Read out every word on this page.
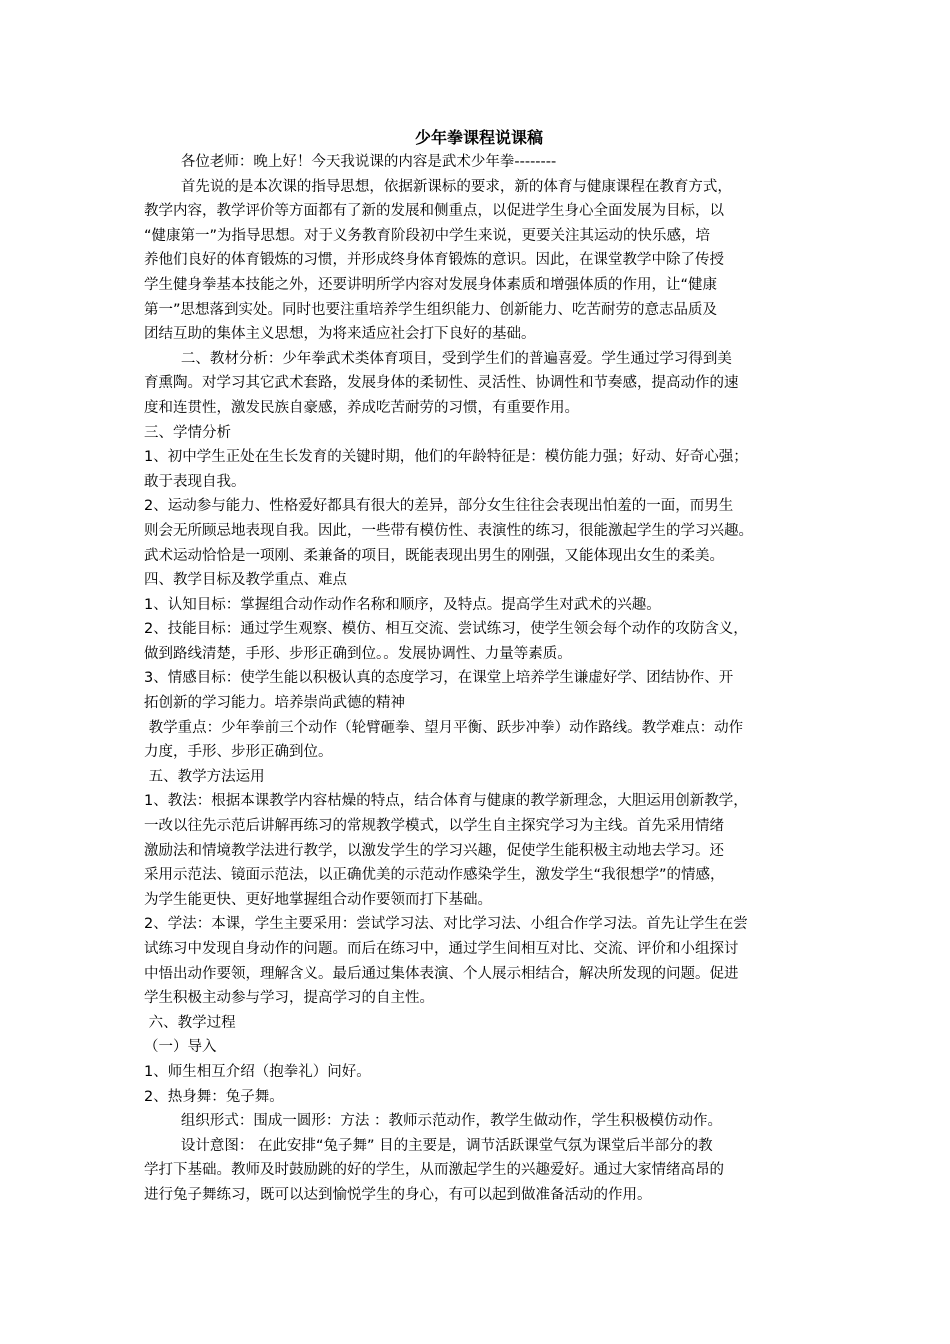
少年拳课程说课稿
各位老师：晚上好！今天我说课的内容是武术少年拳--------
首先说的是本次课的指导思想，依据新课标的要求，新的体育与健康课程在教育方式，
教学内容，教学评价等方面都有了新的发展和侧重点，以促进学生身心全面发展为目标，以
“健康第一”为指导思想。对于义务教育阶段初中学生来说，更要关注其运动的快乐感，培
养他们良好的体育锻炼的习惯，并形成终身体育锻炼的意识。因此，在课堂教学中除了传授
学生健身拳基本技能之外，还要讲明所学内容对发展身体素质和增强体质的作用，让“健康
第一”思想落到实处。同时也要注重培养学生组织能力、创新能力、吃苦耐劳的意志品质及
团结互助的集体主义思想，为将来适应社会打下良好的基础。
二、教材分析：少年拳武术类体育项目，受到学生们的普遍喜爱。学生通过学习得到美
育熏陶。对学习其它武术套路，发展身体的柔韧性、灵活性、协调性和节奏感，提高动作的速
度和连贯性，激发民族自豪感，养成吃苦耐劳的习惯，有重要作用。
三、学情分析
1、初中学生正处在生长发育的关键时期，他们的年龄特征是：模仿能力强；好动、好奇心强；
敢于表现自我。
2、运动参与能力、性格爱好都具有很大的差异，部分女生往往会表现出怕羞的一面，而男生
则会无所顾忌地表现自我。因此，一些带有模仿性、表演性的练习，很能激起学生的学习兴趣。
武术运动恰恰是一项刚、柔兼备的项目，既能表现出男生的刚强，又能体现出女生的柔美。
四、教学目标及教学重点、难点
1、认知目标：掌握组合动作动作名称和顺序，及特点。提高学生对武术的兴趣。
2、技能目标：通过学生观察、模仿、相互交流、尝试练习，使学生领会每个动作的攻防含义，
做到路线清楚，手形、步形正确到位。。发展协调性、力量等素质。
3、情感目标：使学生能以积极认真的态度学习，在课堂上培养学生谦虚好学、团结协作、开
拓创新的学习能力。培养崇尚武德的精神
教学重点：少年拳前三个动作（轮臂砸拳、望月平衡、跃步冲拳）动作路线。教学难点：动作
力度，手形、步形正确到位。
五、教学方法运用
1、教法：根据本课教学内容枯燥的特点，结合体育与健康的教学新理念，大胆运用创新教学，
一改以往先示范后讲解再练习的常规教学模式，以学生自主探究学习为主线。首先采用情绪
激励法和情境教学法进行教学，以激发学生的学习兴趣，促使学生能积极主动地去学习。还
采用示范法、镜面示范法，以正确优美的示范动作感染学生，激发学生“我很想学”的情感，
为学生能更快、更好地掌握组合动作要领而打下基础。
2、学法：本课，学生主要采用：尝试学习法、对比学习法、小组合作学习法。首先让学生在尝
试练习中发现自身动作的问题。而后在练习中，通过学生间相互对比、交流、评价和小组探讨
中悟出动作要领，理解含义。最后通过集体表演、个人展示相结合，解决所发现的问题。促进
学生积极主动参与学习，提高学习的自主性。
六、教学过程
（一）导入
1、师生相互介绍（抱拳礼）问好。
2、热身舞：兔子舞。
组织形式：围成一圆形：方法 ：教师示范动作，教学生做动作，学生积极模仿动作。
设计意图： 在此安排“兔子舞” 目的主要是，调节活跃课堂气氛为课堂后半部分的教
学打下基础。教师及时鼓励跳的好的学生，从而激起学生的兴趣爱好。通过大家情绪高昂的
进行兔子舞练习，既可以达到愉悦学生的身心，有可以起到做准备活动的作用。
